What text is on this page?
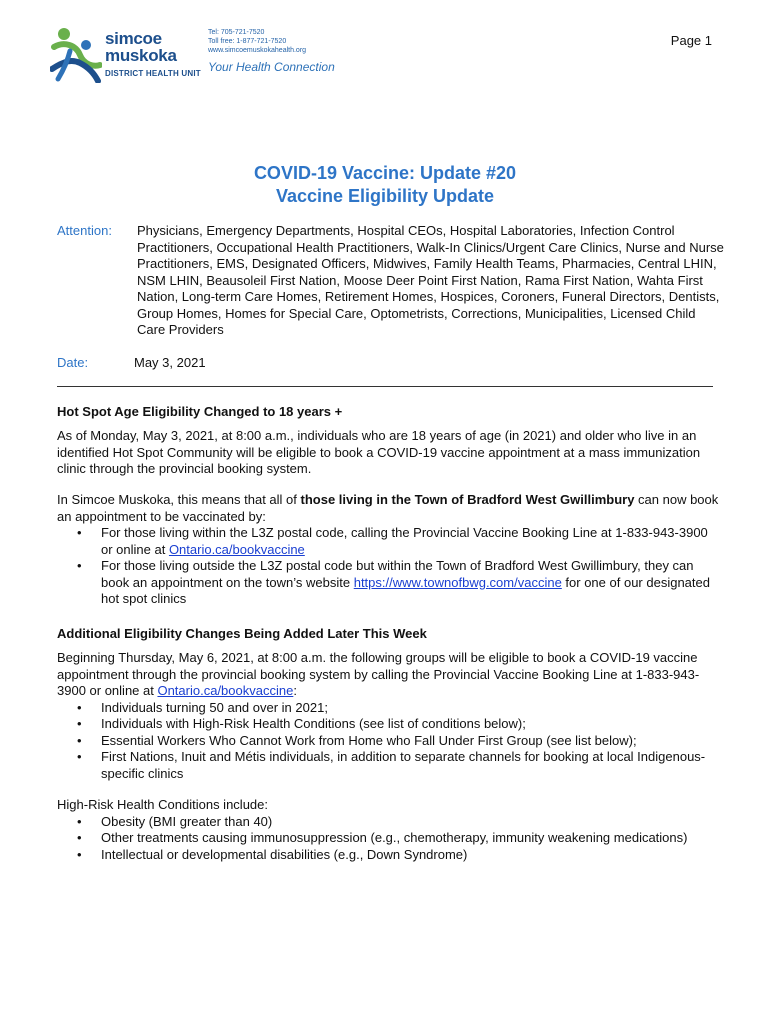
simcoe
muskoka
DISTRICT HEALTH UNIT
Tel: 705-721-7520
Toll free: 1-877-721-7520
www.simcoemuskokahealth.org
Your Health Connection
Page 1
COVID-19 Vaccine: Update #20
Vaccine Eligibility Update
Attention: Physicians, Emergency Departments, Hospital CEOs, Hospital Laboratories, Infection Control Practitioners, Occupational Health Practitioners, Walk-In Clinics/Urgent Care Clinics, Nurse and Nurse Practitioners, EMS, Designated Officers, Midwives, Family Health Teams, Pharmacies, Central LHIN, NSM LHIN, Beausoleil First Nation, Moose Deer Point First Nation, Rama First Nation, Wahta First Nation, Long-term Care Homes, Retirement Homes, Hospices, Coroners, Funeral Directors, Dentists, Group Homes, Homes for Special Care, Optometrists, Corrections, Municipalities, Licensed Child Care Providers
Date:	May 3, 2021
Hot Spot Age Eligibility Changed to 18 years +
As of Monday, May 3, 2021, at 8:00 a.m., individuals who are 18 years of age (in 2021) and older who live in an identified Hot Spot Community will be eligible to book a COVID-19 vaccine appointment at a mass immunization clinic through the provincial booking system.
In Simcoe Muskoka, this means that all of those living in the Town of Bradford West Gwillimbury can now book an appointment to be vaccinated by:
• For those living within the L3Z postal code, calling the Provincial Vaccine Booking Line at 1-833-943-3900 or online at Ontario.ca/bookvaccine
• For those living outside the L3Z postal code but within the Town of Bradford West Gwillimbury, they can book an appointment on the town’s website https://www.townofbwg.com/vaccine for one of our designated hot spot clinics
Additional Eligibility Changes Being Added Later This Week
Beginning Thursday, May 6, 2021, at 8:00 a.m. the following groups will be eligible to book a COVID-19 vaccine appointment through the provincial booking system by calling the Provincial Vaccine Booking Line at 1-833-943-3900 or online at Ontario.ca/bookvaccine:
• Individuals turning 50 and over in 2021;
• Individuals with High-Risk Health Conditions (see list of conditions below);
• Essential Workers Who Cannot Work from Home who Fall Under First Group (see list below);
• First Nations, Inuit and Métis individuals, in addition to separate channels for booking at local Indigenous-specific clinics
High-Risk Health Conditions include:
• Obesity (BMI greater than 40)
• Other treatments causing immunosuppression (e.g., chemotherapy, immunity weakening medications)
• Intellectual or developmental disabilities (e.g., Down Syndrome)
